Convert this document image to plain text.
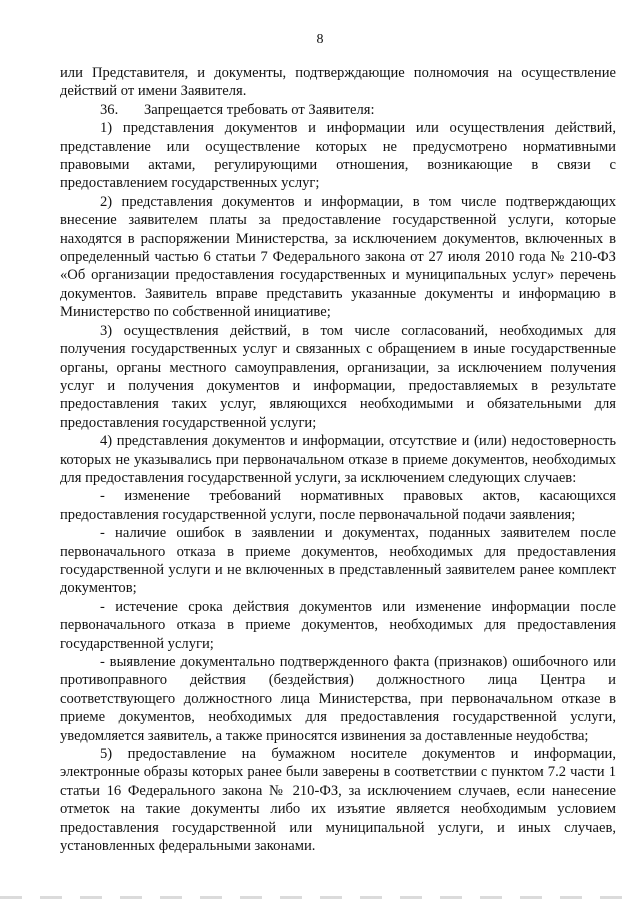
8

или Представителя, и документы, подтверждающие полномочия на осуществление действий от имени Заявителя.

36. Запрещается требовать от Заявителя:

1) представления документов и информации или осуществления действий, представление или осуществление которых не предусмотрено нормативными правовыми актами, регулирующими отношения, возникающие в связи с предоставлением государственных услуг;

2) представления документов и информации, в том числе подтверждающих внесение заявителем платы за предоставление государственной услуги, которые находятся в распоряжении Министерства, за исключением документов, включенных в определенный частью 6 статьи 7 Федерального закона от 27 июля 2010 года № 210-ФЗ «Об организации предоставления государственных и муниципальных услуг» перечень документов. Заявитель вправе представить указанные документы и информацию в Министерство по собственной инициативе;

3) осуществления действий, в том числе согласований, необходимых для получения государственных услуг и связанных с обращением в иные государственные органы, органы местного самоуправления, организации, за исключением получения услуг и получения документов и информации, предоставляемых в результате предоставления таких услуг, являющихся необходимыми и обязательными для предоставления государственной услуги;

4) представления документов и информации, отсутствие и (или) недостоверность которых не указывались при первоначальном отказе в приеме документов, необходимых для предоставления государственной услуги, за исключением следующих случаев:

- изменение требований нормативных правовых актов, касающихся предоставления государственной услуги, после первоначальной подачи заявления;

- наличие ошибок в заявлении и документах, поданных заявителем после первоначального отказа в приеме документов, необходимых для предоставления государственной услуги и не включенных в представленный заявителем ранее комплект документов;

- истечение срока действия документов или изменение информации после первоначального отказа в приеме документов, необходимых для предоставления государственной услуги;

- выявление документально подтвержденного факта (признаков) ошибочного или противоправного действия (бездействия) должностного лица Центра и соответствующего должностного лица Министерства, при первоначальном отказе в приеме документов, необходимых для предоставления государственной услуги, уведомляется заявитель, а также приносятся извинения за доставленные неудобства;

5) предоставление на бумажном носителе документов и информации, электронные образы которых ранее были заверены в соответствии с пунктом 7.2 части 1 статьи 16 Федерального закона № 210-ФЗ, за исключением случаев, если нанесение отметок на такие документы либо их изъятие является необходимым условием предоставления государственной или муниципальной услуги, и иных случаев, установленных федеральными законами.
